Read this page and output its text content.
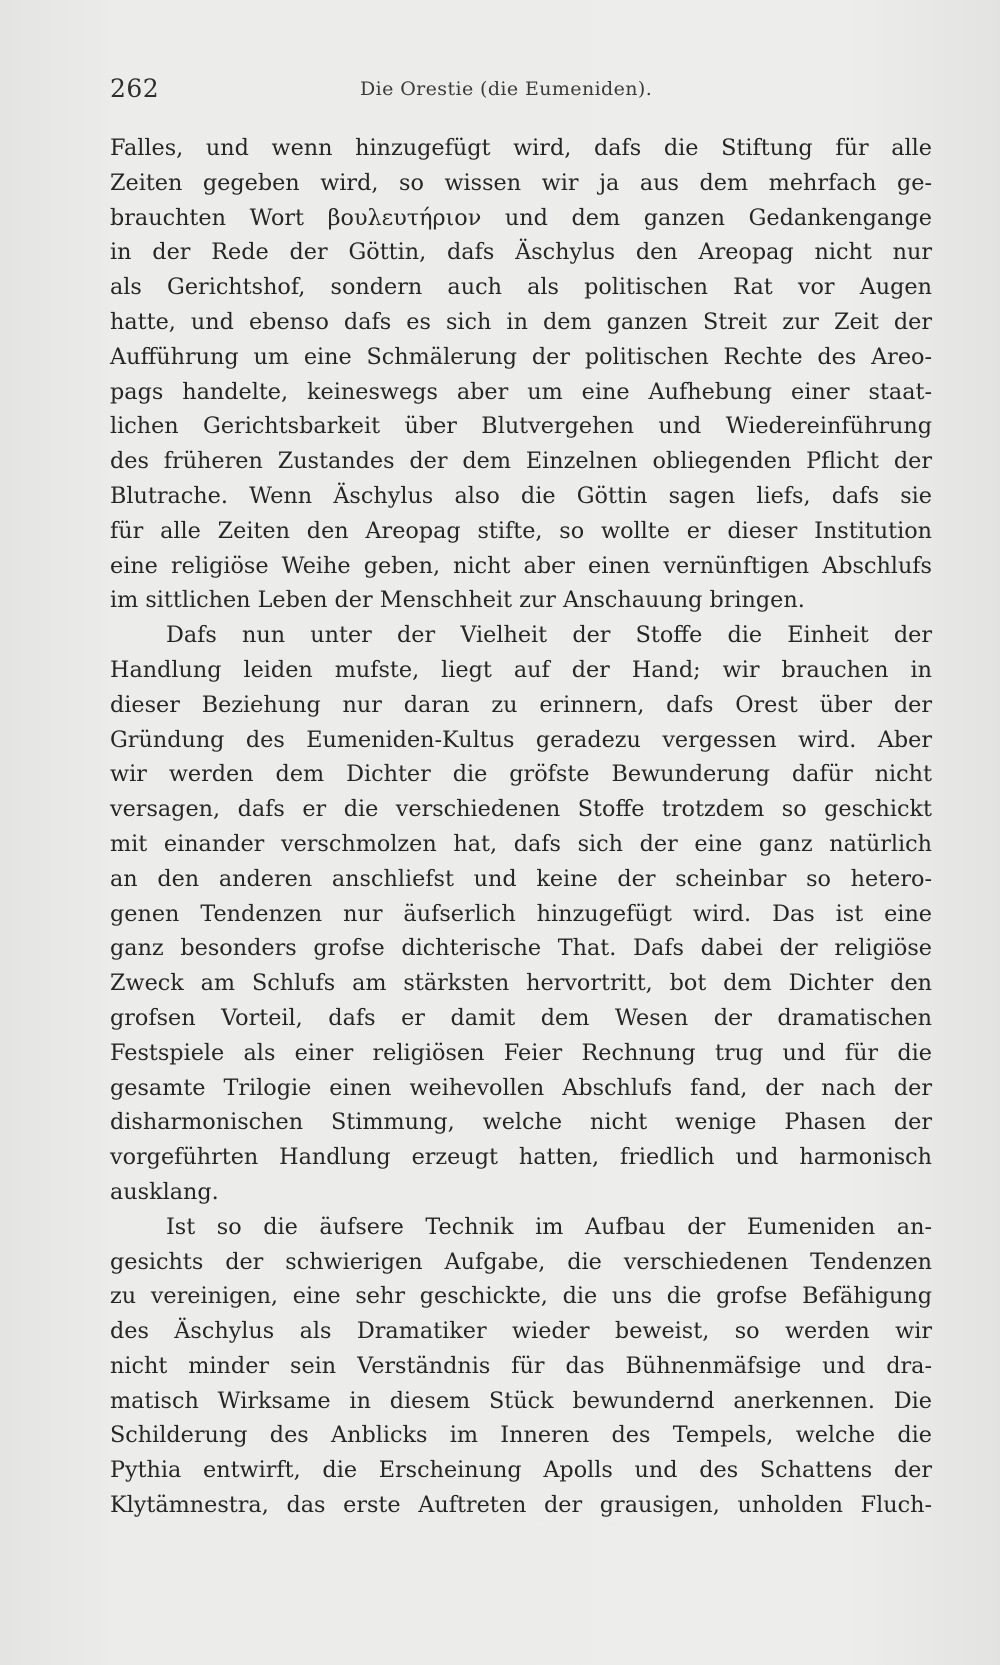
262	Die Orestie (die Eumeniden).
Falles, und wenn hinzugefügt wird, dafs die Stiftung für alle
Zeiten gegeben wird, so wissen wir ja aus dem mehrfach ge-
brauchten Wort βουλευτήριον und dem ganzen Gedankengange
in der Rede der Göttin, dafs Äschylus den Areopag nicht nur
als Gerichtshof, sondern auch als politischen Rat vor Augen
hatte, und ebenso dafs es sich in dem ganzen Streit zur Zeit der
Aufführung um eine Schmälerung der politischen Rechte des Areo-
pags handelte, keineswegs aber um eine Aufhebung einer staat-
lichen Gerichtsbarkeit über Blutvergehen und Wiedereinführung
des früheren Zustandes der dem Einzelnen obliegenden Pflicht der
Blutrache. Wenn Äschylus also die Göttin sagen liefs, dafs sie
für alle Zeiten den Areopag stifte, so wollte er dieser Institution
eine religiöse Weihe geben, nicht aber einen vernünftigen Abschlufs
im sittlichen Leben der Menschheit zur Anschauung bringen.
Dafs nun unter der Vielheit der Stoffe die Einheit der
Handlung leiden mufste, liegt auf der Hand; wir brauchen in
dieser Beziehung nur daran zu erinnern, dafs Orest über der
Gründung des Eumeniden-Kultus geradezu vergessen wird. Aber
wir werden dem Dichter die gröfste Bewunderung dafür nicht
versagen, dafs er die verschiedenen Stoffe trotzdem so geschickt
mit einander verschmolzen hat, dafs sich der eine ganz natürlich
an den anderen anschliefst und keine der scheinbar so hetero-
genen Tendenzen nur äufserlich hinzugefügt wird. Das ist eine
ganz besonders grofse dichterische That. Dafs dabei der religiöse
Zweck am Schlufs am stärksten hervortritt, bot dem Dichter den
grofsen Vorteil, dafs er damit dem Wesen der dramatischen
Festspiele als einer religiösen Feier Rechnung trug und für die
gesamte Trilogie einen weihevollen Abschlufs fand, der nach der
disharmonischen Stimmung, welche nicht wenige Phasen der
vorgeführten Handlung erzeugt hatten, friedlich und harmonisch
ausklang.
Ist so die äufsere Technik im Aufbau der Eumeniden an-
gesichts der schwierigen Aufgabe, die verschiedenen Tendenzen
zu vereinigen, eine sehr geschickte, die uns die grofse Befähigung
des Äschylus als Dramatiker wieder beweist, so werden wir
nicht minder sein Verständnis für das Bühnenmäfsige und dra-
matisch Wirksame in diesem Stück bewundernd anerkennen. Die
Schilderung des Anblicks im Inneren des Tempels, welche die
Pythia entwirft, die Erscheinung Apolls und des Schattens der
Klytämnestra, das erste Auftreten der grausigen, unholden Fluch-
